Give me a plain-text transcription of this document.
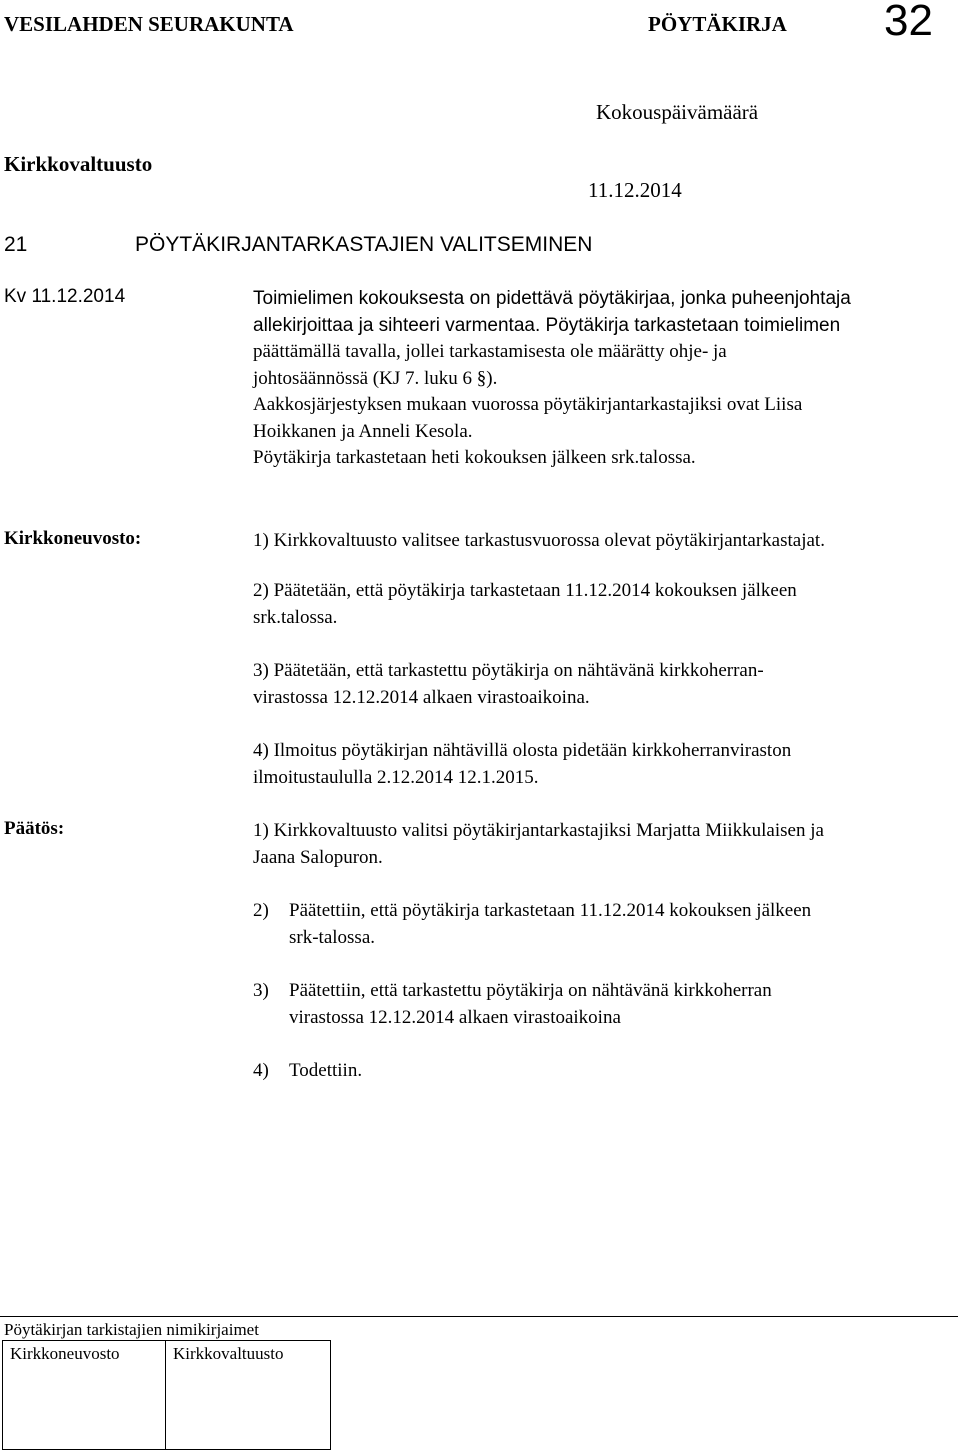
VESILAHDEN SEURAKUNTA	PÖYTÄKIRJA 32
Kokouspäivämäärä
Kirkkovaltuusto
11.12.2014
21	PÖYTÄKIRJANTARKASTAJIEN VALITSEMINEN
Kv 11.12.2014	Toimielimen kokouksesta on pidettävä pöytäkirjaa, jonka puheenjohtaja
allekirjoittaa ja sihteeri varmentaa. Pöytäkirja tarkastetaan toimielimen
päättämällä tavalla, jollei tarkastamisesta ole määrätty ohje- ja
johtosäännössä (KJ 7. luku 6 §).
Aakkosjärjestyksen mukaan vuorossa pöytäkirjantarkastajiksi ovat Liisa
Hoikkanen ja Anneli Kesola.
Pöytäkirja tarkastetaan heti kokouksen jälkeen srk.talossa.
Kirkkoneuvosto:	1) Kirkkovaltuusto valitsee tarkastusvuorossa olevat pöytäkirjantarkastajat.
2) Päätetään, että pöytäkirja tarkastetaan 11.12.2014 kokouksen jälkeen
srk.talossa.
3) Päätetään, että tarkastettu pöytäkirja on nähtävänä kirkkoherran-
virastossa 12.12.2014 alkaen virastoaikoina.
4) Ilmoitus pöytäkirjan nähtävillä olosta pidetään kirkkoherranviraston
ilmoitustaululla 2.12.2014 12.1.2015.
Päätös:	1) Kirkkovaltuusto valitsi pöytäkirjantarkastajiksi Marjatta Miikkulaisen ja
Jaana Salopuron.
2) Päätettiin, että pöytäkirja tarkastetaan 11.12.2014 kokouksen jälkeen
srk-talossa.
3) Päätettiin, että tarkastettu pöytäkirja on nähtävänä kirkkoherran
virastossa 12.12.2014 alkaen virastoaikoina
4) Todettiin.
Pöytäkirjan tarkistajien nimikirjaimet
Kirkkoneuvosto	Kirkkovaltuusto
